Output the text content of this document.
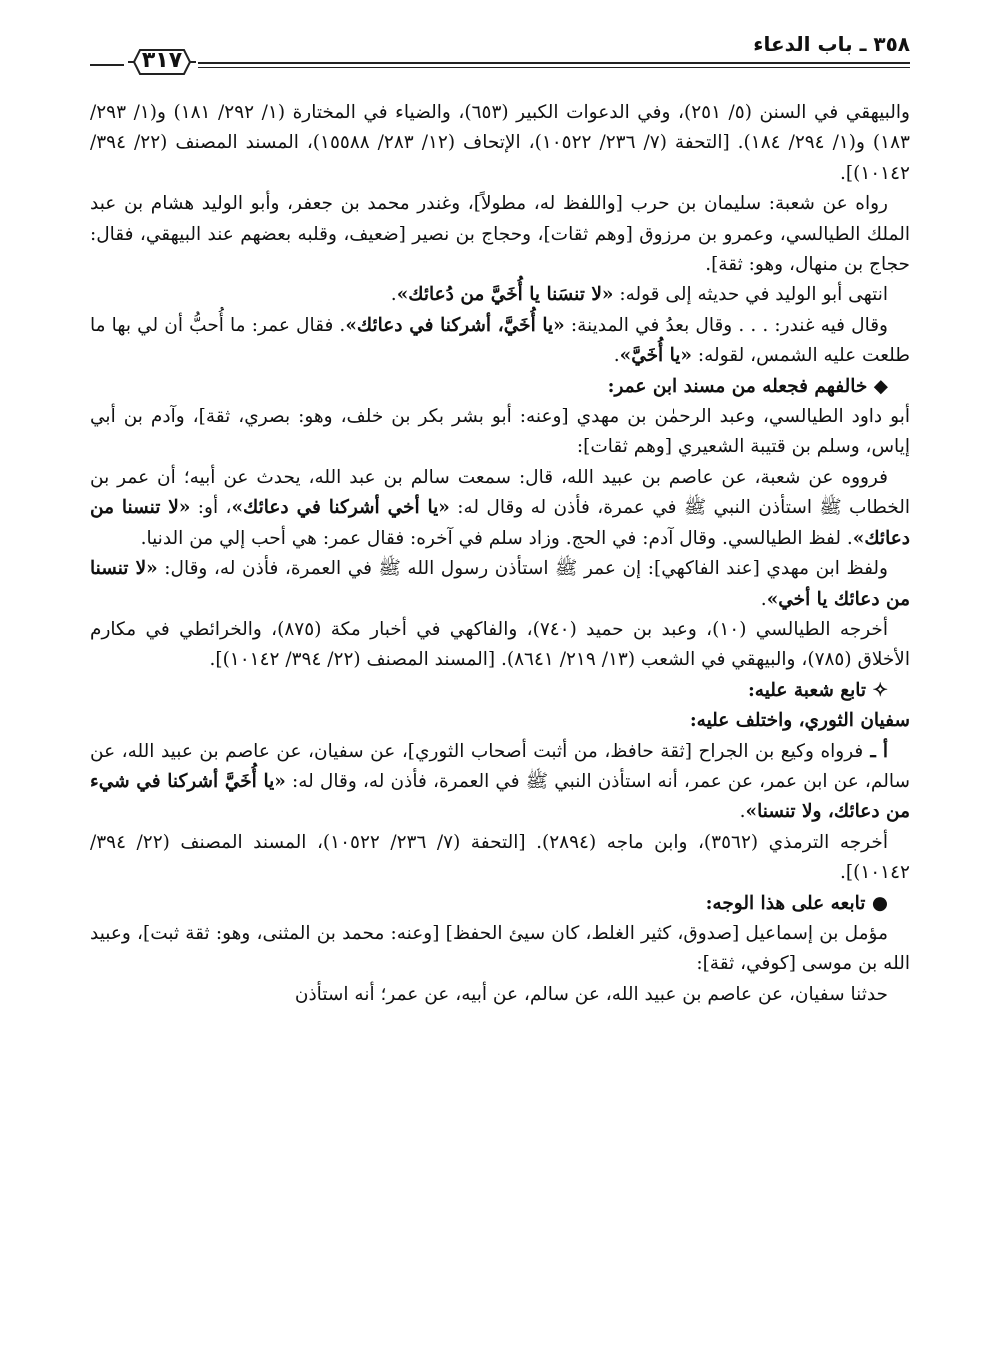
٣٥٨ ـ باب الدعاء
٣١٧

والبيهقي في السنن (٥/ ٢٥١)، وفي الدعوات الكبير (٦٥٣)، والضياء في المختارة (١/ ٢٩٢/ ١٨١) و(١/ ٢٩٣/ ١٨٣) و(١/ ٢٩٤/ ١٨٤). [التحفة (٧/ ٢٣٦/ ١٠٥٢٢)، الإتحاف (١٢/ ٢٨٣/ ١٥٥٨٨)، المسند المصنف (٢٢/ ٣٩٤/ ١٠١٤٢)].

رواه عن شعبة: سليمان بن حرب [واللفظ له، مطولاً]، وغندر محمد بن جعفر، وأبو الوليد هشام بن عبد الملك الطيالسي، وعمرو بن مرزوق [وهم ثقات]، وحجاج بن نصير [ضعيف، وقلبه بعضهم عند البيهقي، فقال: حجاج بن منهال، وهو: ثقة].

انتهى أبو الوليد في حديثه إلى قوله: «لا تنسَنا يا أُخَيَّ من دُعائك».

وقال فيه غندر: . . . وقال بعدُ في المدينة: «يا أُخَيَّ، أشركنا في دعائك». فقال عمر: ما أُحبُّ أن لي بها ما طلعت عليه الشمس، لقوله: «يا أُخَيَّ».

◆ خالفهم فجعله من مسند ابن عمر:

أبو داود الطيالسي، وعبد الرحمٰن بن مهدي [وعنه: أبو بشر بكر بن خلف، وهو: بصري، ثقة]، وآدم بن أبي إياس، وسلم بن قتيبة الشعيري [وهم ثقات]:

فرووه عن شعبة، عن عاصم بن عبيد الله، قال: سمعت سالم بن عبد الله، يحدث عن أبيه؛ أن عمر بن الخطاب ﷺ استأذن النبي ﷺ في عمرة، فأذن له وقال له: «يا أخي أشركنا في دعائك»، أو: «لا تنسنا من دعائك». لفظ الطيالسي. وقال آدم: في الحج. وزاد سلم في آخره: فقال عمر: هي أحب إلي من الدنيا.

ولفظ ابن مهدي [عند الفاكهي]: إن عمر ﷺ استأذن رسول الله ﷺ في العمرة، فأذن له، وقال: «لا تنسنا من دعائك يا أخي».

أخرجه الطيالسي (١٠)، وعبد بن حميد (٧٤٠)، والفاكهي في أخبار مكة (٨٧٥)، والخرائطي في مكارم الأخلاق (٧٨٥)، والبيهقي في الشعب (١٣/ ٢١٩/ ٨٦٤١). [المسند المصنف (٢٢/ ٣٩٤/ ١٠١٤٢)].

✧ تابع شعبة عليه:

سفيان الثوري، واختلف عليه:

أ ـ فرواه وكيع بن الجراح [ثقة حافظ، من أثبت أصحاب الثوري]، عن سفيان، عن عاصم بن عبيد الله، عن سالم، عن ابن عمر، عن عمر، أنه استأذن النبي ﷺ في العمرة، فأذن له، وقال له: «يا أُخَيَّ أشركنا في شيء من دعائك، ولا تنسنا».

أخرجه الترمذي (٣٥٦٢)، وابن ماجه (٢٨٩٤). [التحفة (٧/ ٢٣٦/ ١٠٥٢٢)، المسند المصنف (٢٢/ ٣٩٤/ ١٠١٤٢)].

● تابعه على هذا الوجه:

مؤمل بن إسماعيل [صدوق، كثير الغلط، كان سيئ الحفظ] [وعنه: محمد بن المثنى، وهو: ثقة ثبت]، وعبيد الله بن موسى [كوفي، ثقة]:

حدثنا سفيان، عن عاصم بن عبيد الله، عن سالم، عن أبيه، عن عمر؛ أنه استأذن
